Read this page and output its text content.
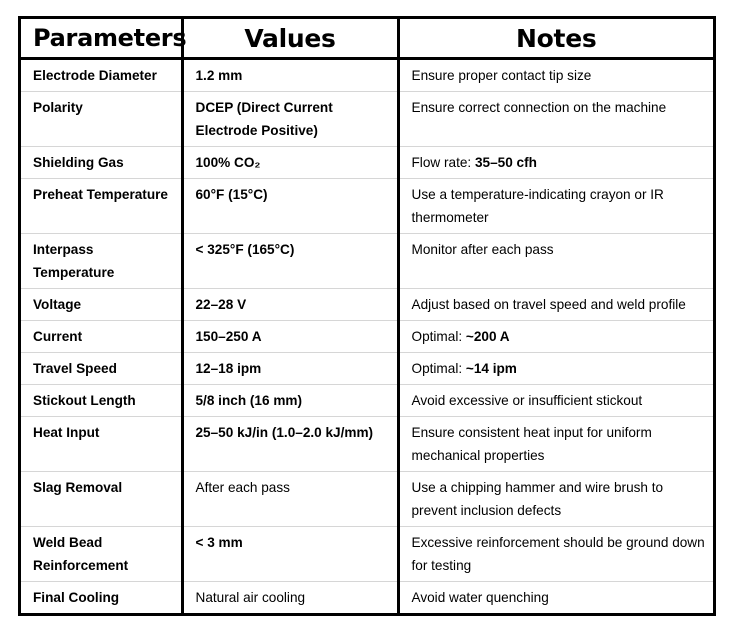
Parameters	Values	Notes
Electrode Diameter	1.2 mm	Ensure proper contact tip size
Polarity	DCEP (Direct Current Electrode Positive)	Ensure correct connection on the machine
Shielding Gas	100% CO₂	Flow rate: 35–50 cfh
Preheat Temperature	60°F (15°C)	Use a temperature-indicating crayon or IR thermometer
Interpass Temperature	< 325°F (165°C)	Monitor after each pass
Voltage	22–28 V	Adjust based on travel speed and weld profile
Current	150–250 A	Optimal: ~200 A
Travel Speed	12–18 ipm	Optimal: ~14 ipm
Stickout Length	5/8 inch (16 mm)	Avoid excessive or insufficient stickout
Heat Input	25–50 kJ/in (1.0–2.0 kJ/mm)	Ensure consistent heat input for uniform mechanical properties
Slag Removal	After each pass	Use a chipping hammer and wire brush to prevent inclusion defects
Weld Bead Reinforcement	< 3 mm	Excessive reinforcement should be ground down for testing
Final Cooling	Natural air cooling	Avoid water quenching
